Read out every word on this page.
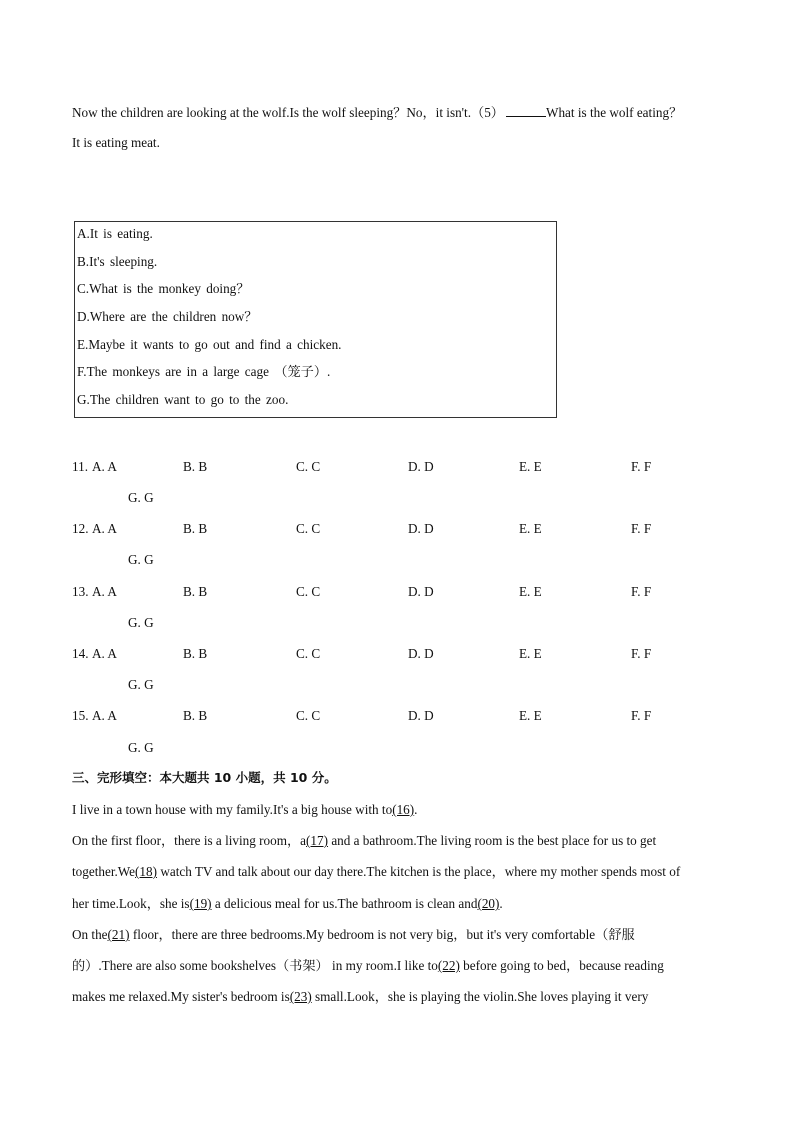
Now the children are looking at the wolf.Is the wolf sleeping？No，it isn't.（5）	What is the wolf eating？
It is eating meat.
A.It is eating.
B.It's sleeping.
C.What is the monkey doing？
D.Where are the children now？
E.Maybe it wants to go out and find a chicken.
F.The monkeys are in a large cage （笼子）.
G.The children want to go to the zoo.
11. A. A	B. B	C. C	D. D	E. E	F. F
G. G
12. A. A	B. B	C. C	D. D	E. E	F. F
G. G
13. A. A	B. B	C. C	D. D	E. E	F. F
G. G
14. A. A	B. B	C. C	D. D	E. E	F. F
G. G
15. A. A	B. B	C. C	D. D	E. E	F. F
G. G
三、完形填空：本大题共 10 小题，共 10 分。
I live in a town house with my family.It's a big house with to(16).
On the first floor，there is a living room，a(17) and a bathroom.The living room is the best place for us to get
together.We(18) watch TV and talk about our day there.The kitchen is the place，where my mother spends most of
her time.Look，she is(19) a delicious meal for us.The bathroom is clean and(20).
On the(21) floor，there are three bedrooms.My bedroom is not very big，but it's very comfortable（舒服
的）.There are also some bookshelves（书架） in my room.I like to(22) before going to bed，because reading
makes me relaxed.My sister's bedroom is(23) small.Look，she is playing the violin.She loves playing it very
